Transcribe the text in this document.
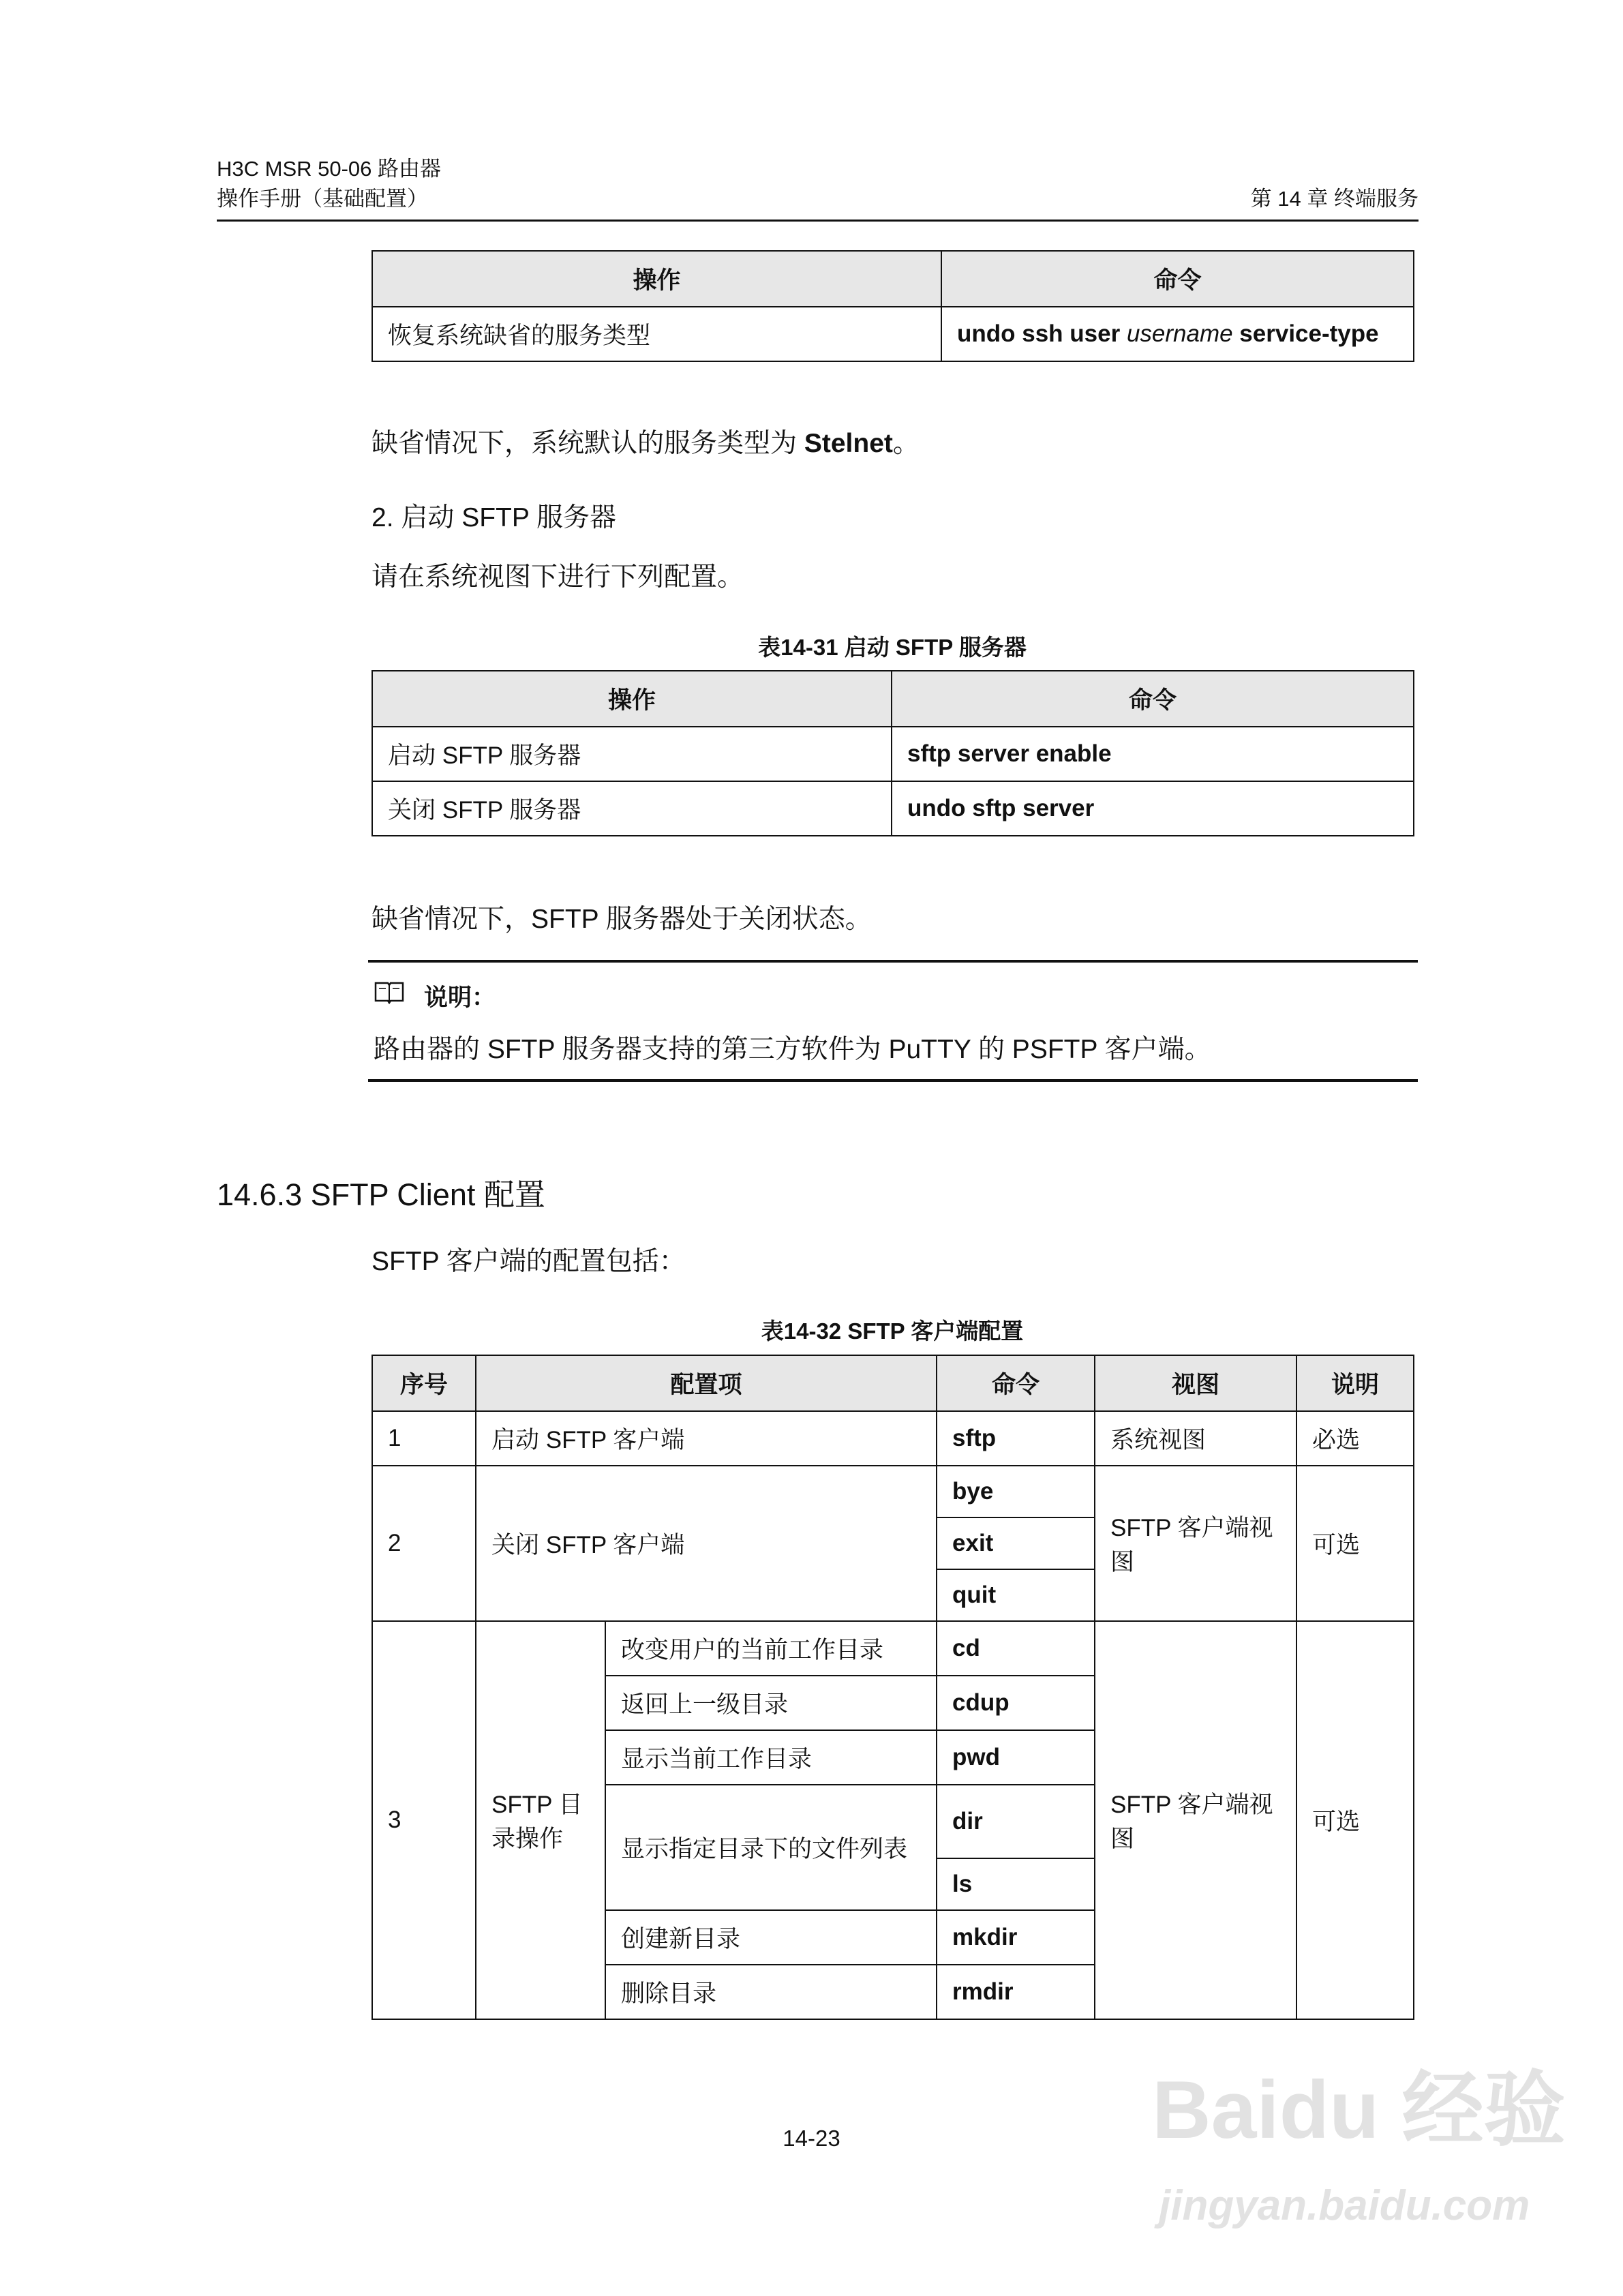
H3C MSR 50-06 路由器
操作手册（基础配置）	第 14 章 终端服务
操作	命令
恢复系统缺省的服务类型	undo ssh user username service-type
缺省情况下，系统默认的服务类型为 Stelnet。
2. 启动 SFTP 服务器
请在系统视图下进行下列配置。
表14-31 启动 SFTP 服务器
操作	命令
启动 SFTP 服务器	sftp server enable
关闭 SFTP 服务器	undo sftp server
缺省情况下，SFTP 服务器处于关闭状态。
说明：
路由器的 SFTP 服务器支持的第三方软件为 PuTTY 的 PSFTP 客户端。
14.6.3 SFTP Client 配置
SFTP 客户端的配置包括：
表14-32 SFTP 客户端配置
序号	配置项		命令	视图	说明
1	启动 SFTP 客户端		sftp	系统视图	必选
2	关闭 SFTP 客户端		bye	SFTP 客户端视图	可选
			exit		
			quit		
3	SFTP 目录操作	改变用户的当前工作目录	cd	SFTP 客户端视图	可选
		返回上一级目录	cdup		
		显示当前工作目录	pwd		
		显示指定目录下的文件列表	dir		
			ls		
		创建新目录	mkdir		
		删除目录	rmdir		
14-23	Baidu 经验
jingyan.baidu.com
